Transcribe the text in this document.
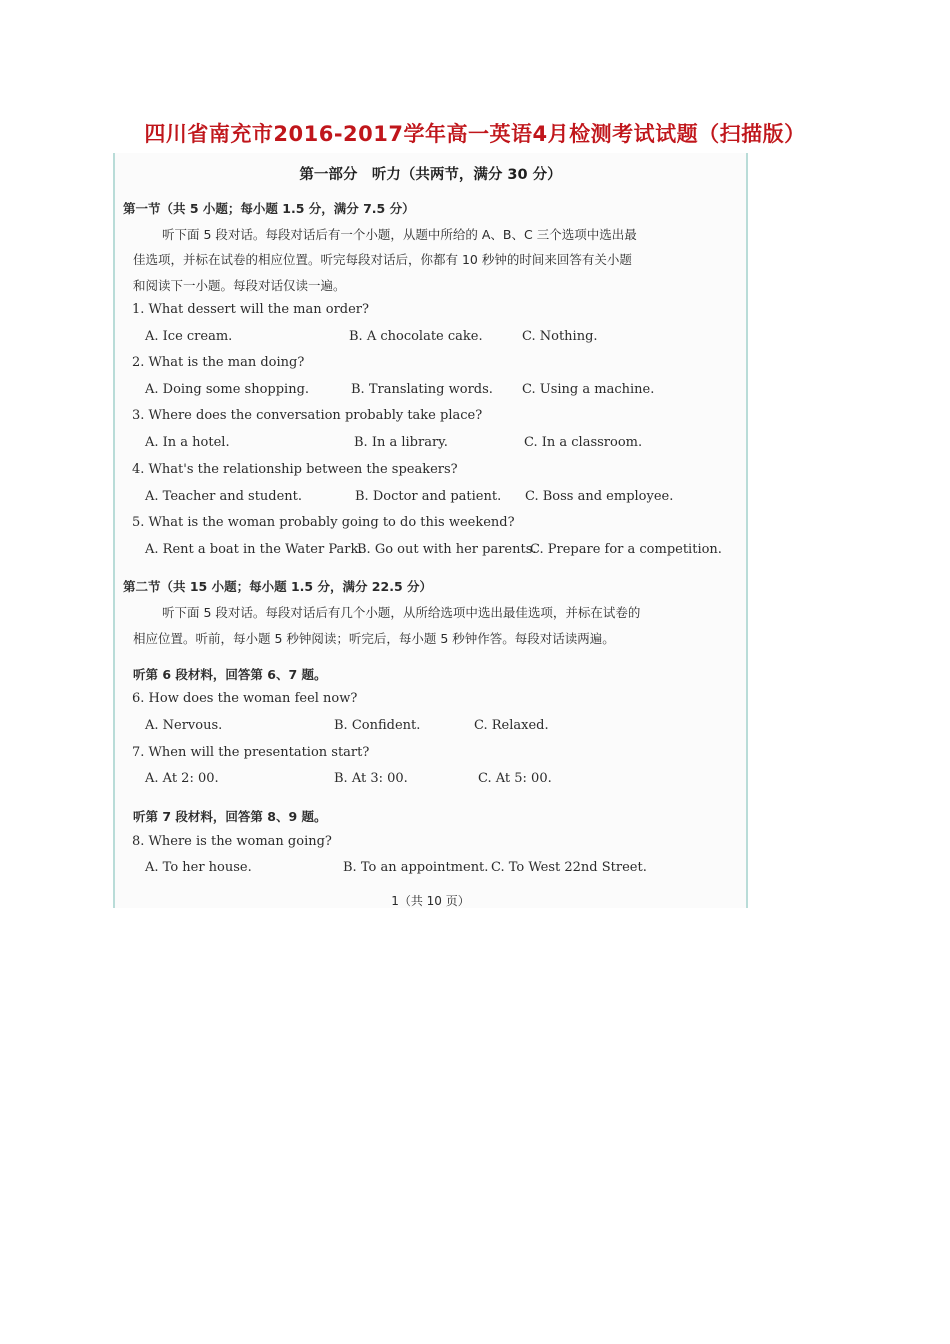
四川省南充市2016-2017学年高一英语4月检测考试试题（扫描版）
第一部分　听力（共两节，满分 30 分）
第一节（共 5 小题；每小题 1.5 分，满分 7.5 分）
听下面 5 段对话。每段对话后有一个小题，从题中所给的 A、B、C 三个选项中选出最
佳选项，并标在试卷的相应位置。听完每段对话后，你都有 10 秒钟的时间来回答有关小题
和阅读下一小题。每段对话仅读一遍。
1. What dessert will the man order?
A. Ice cream.	B. A chocolate cake.	C. Nothing.
2. What is the man doing?
A. Doing some shopping.	B. Translating words. C. Using a machine.
3. Where does the conversation probably take place?
A. In a hotel.	B. In a library.	C. In a classroom.
4. What's the relationship between the speakers?
A. Teacher and student.	B. Doctor and patient. C. Boss and employee.
5. What is the woman probably going to do this weekend?
A. Rent a boat in the Water Park.
B. Go out with her parents.
C. Prepare for a competition.
第二节（共 15 小题；每小题 1.5 分，满分 22.5 分）
听下面 5 段对话。每段对话后有几个小题，从所给选项中选出最佳选项，并标在试卷的
相应位置。听前，每小题 5 秒钟阅读；听完后，每小题 5 秒钟作答。每段对话读两遍。
听第 6 段材料，回答第 6、7 题。
6. How does the woman feel now?
A. Nervous.	B. Confident.	C. Relaxed.
7. When will the presentation start?
A. At 2: 00.	B. At 3: 00.	C. At 5: 00.
听第 7 段材料，回答第 8、9 题。
8. Where is the woman going?
A. To her house.	B. To an appointment. C. To West 22nd Street.
1（共 10 页）
